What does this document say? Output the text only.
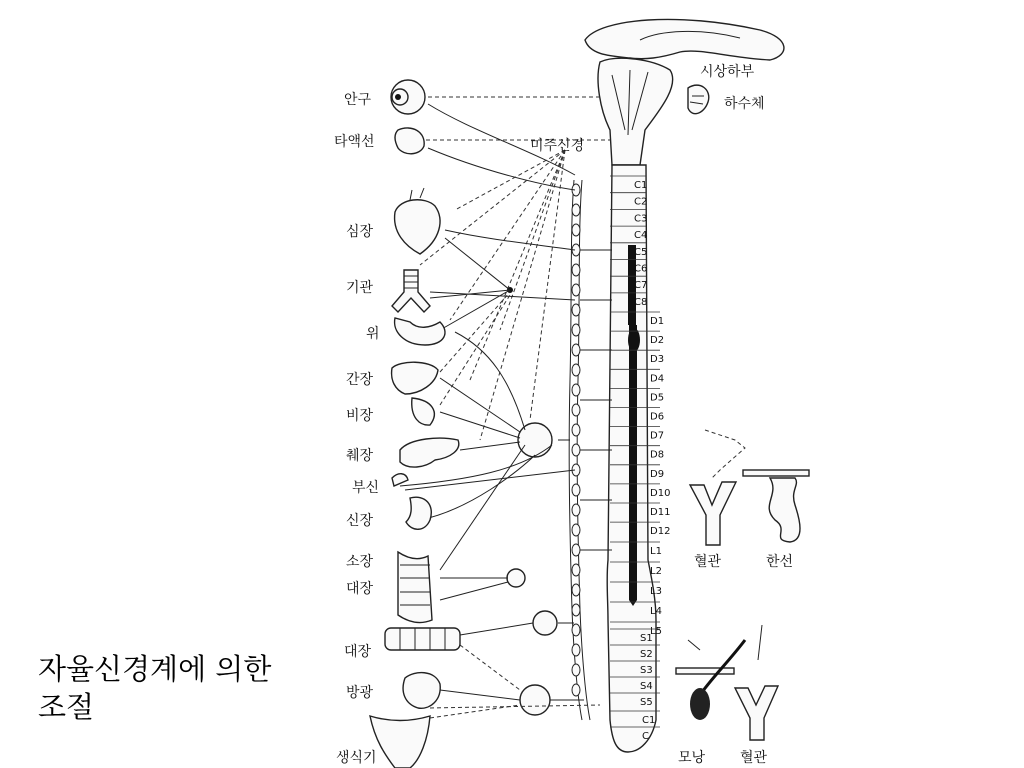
C1
C2
C3
C4
C5
C6
C7
C8
D1
D2
D3
D4
D5
D6
D7
D8
D9
D10
D11
D12
L1
L2
L3
L4
L5
S1
S2
S3
S4
S5
C1
C
시상하부
하수체
미주신경
안구
타액선
심장
기관
위
간장
비장
췌장
부신
신장
소장
대장
대장
방광
생식기
혈관	한선
모낭 혈관
자율신경계에 의한
조절
